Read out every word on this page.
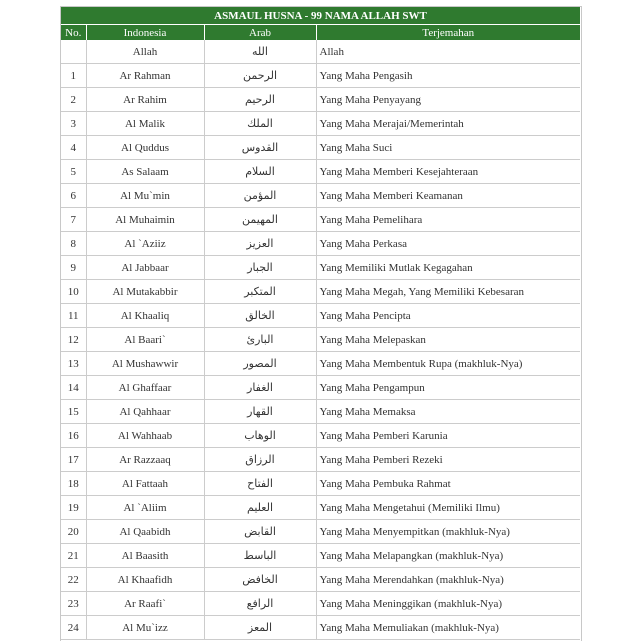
ASMAUL HUSNA - 99 NAMA ALLAH SWT			
No.	Indonesia	Arab	Terjemahan
	Allah	الله	Allah
1	Ar Rahman	الرحمن	Yang Maha Pengasih
2	Ar Rahim	الرحيم	Yang Maha Penyayang
3	Al Malik	الملك	Yang Maha Merajai/Memerintah
4	Al Quddus	القدوس	Yang Maha Suci
5	As Salaam	السلام	Yang Maha Memberi Kesejahteraan
6	Al Mu`min	المؤمن	Yang Maha Memberi Keamanan
7	Al Muhaimin	المهيمن	Yang Maha Pemelihara
8	Al `Aziiz	العزيز	Yang Maha Perkasa
9	Al Jabbaar	الجبار	Yang Memiliki Mutlak Kegagahan
10	Al Mutakabbir	المتكبر	Yang Maha Megah, Yang Memiliki Kebesaran
11	Al Khaaliq	الخالق	Yang Maha Pencipta
12	Al Baari`	البارئ	Yang Maha Melepaskan
13	Al Mushawwir	المصور	Yang Maha Membentuk Rupa (makhluk-Nya)
14	Al Ghaffaar	الغفار	Yang Maha Pengampun
15	Al Qahhaar	القهار	Yang Maha Memaksa
16	Al Wahhaab	الوهاب	Yang Maha Pemberi Karunia
17	Ar Razzaaq	الرزاق	Yang Maha Pemberi Rezeki
18	Al Fattaah	الفتاح	Yang Maha Pembuka Rahmat
19	Al `Aliim	العليم	Yang Maha Mengetahui (Memiliki Ilmu)
20	Al Qaabidh	القابض	Yang Maha Menyempitkan (makhluk-Nya)
21	Al Baasith	الباسط	Yang Maha Melapangkan (makhluk-Nya)
22	Al Khaafidh	الخافض	Yang Maha Merendahkan (makhluk-Nya)
23	Ar Raafi`	الرافع	Yang Maha Meninggikan (makhluk-Nya)
24	Al Mu`izz	المعز	Yang Maha Memuliakan (makhluk-Nya)
